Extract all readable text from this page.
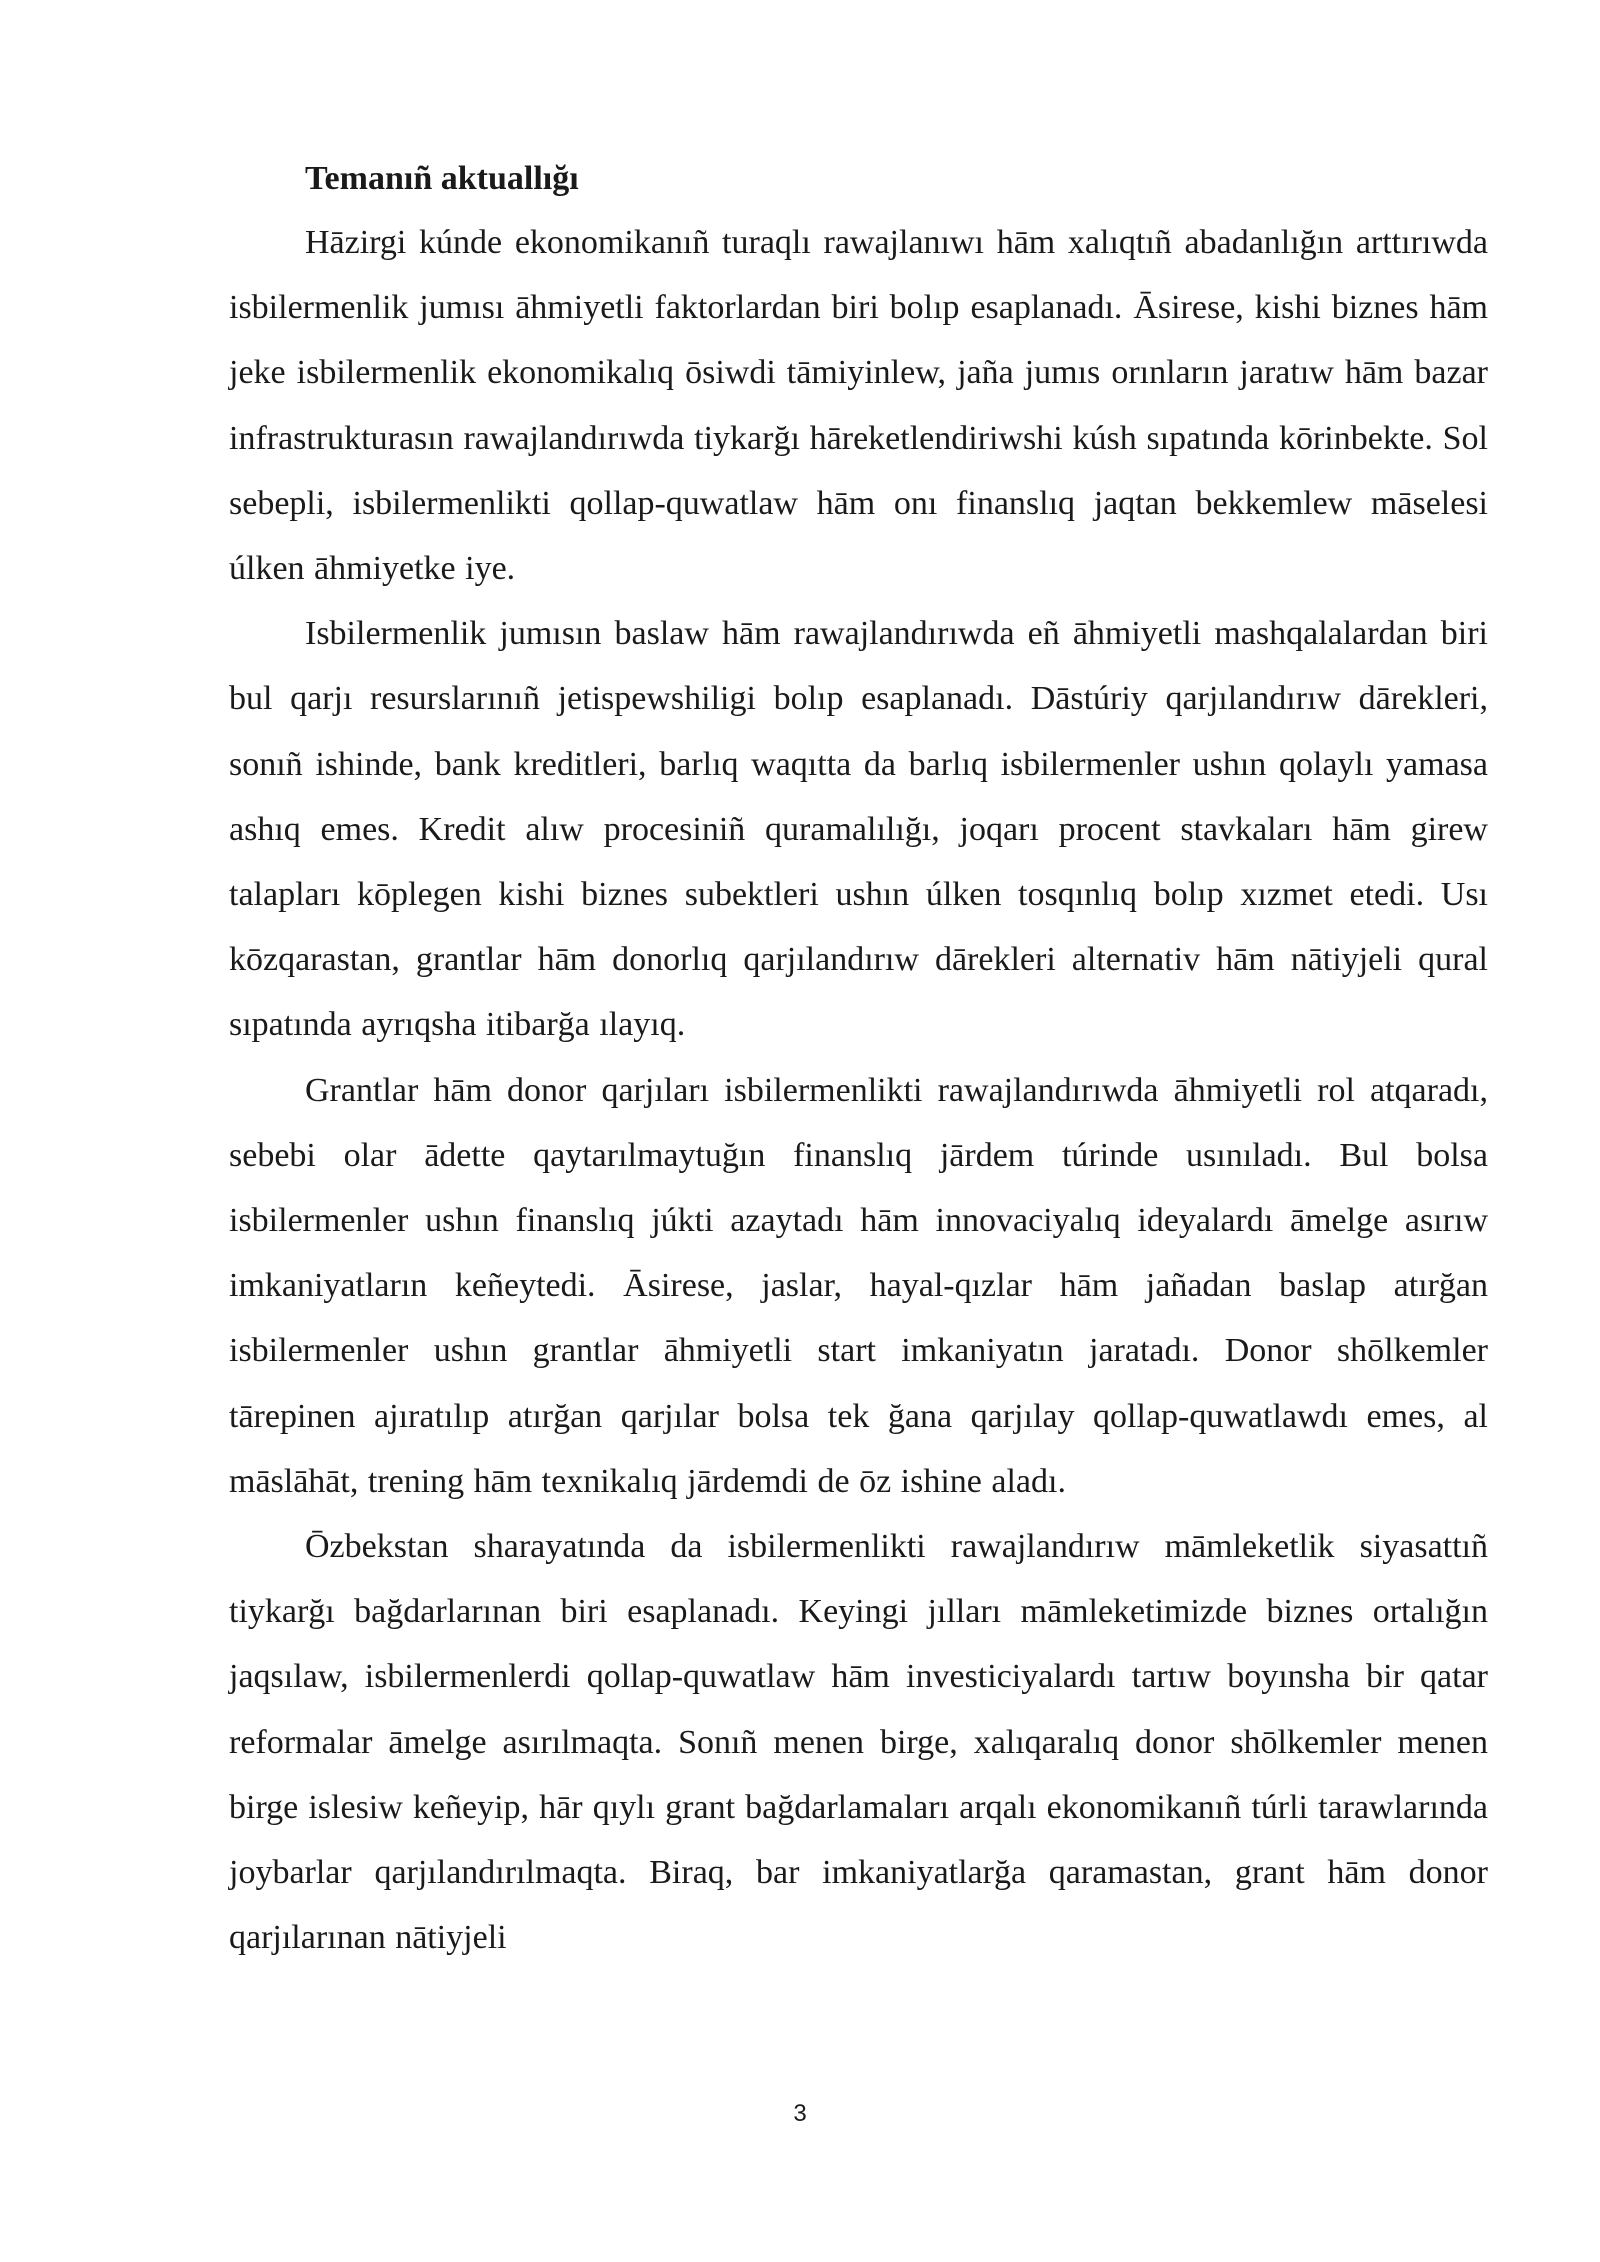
Temanıñ aktuallığı

Hāzirgi kúnde ekonomikanıñ turaqlı rawajlanıwı hām xalıqtıñ abadanlığın arttırıwda isbilermenlik jumısı āhmiyetli faktorlardan biri bolıp esaplanadı. Āsirese, kishi biznes hām jeke isbilermenlik ekonomikalıq ōsiwdi tāmiyinlew, jaña jumıs orınların jaratıw hām bazar infrastrukturasın rawajlandırıwda tiykarğı hāreketlendiriwshi kúsh sıpatında kōrinbekte. Sol sebepli, isbilermenlikti qollap-quwatlaw hām onı finanslıq jaqtan bekkemlew māselesi úlken āhmiyetke iye.

Isbilermenlik jumısın baslaw hām rawajlandırıwda eñ āhmiyetli mashqalalardan biri bul qarjı resurslarınıñ jetispewshiligi bolıp esaplanadı. Dāstúriy qarjılandırıw dārekleri, sonıñ ishinde, bank kreditleri, barlıq waqıtta da barlıq isbilermenler ushın qolaylı yamasa ashıq emes. Kredit alıw procesiniñ quramalılığı, joqarı procent stavkaları hām girew talapları kōplegen kishi biznes subektleri ushın úlken tosqınlıq bolıp xızmet etedi. Usı kōzqarastan, grantlar hām donorlıq qarjılandırıw dārekleri alternativ hām nātiyjeli qural sıpatında ayrıqsha itibarğa ılayıq.

Grantlar hām donor qarjıları isbilermenlikti rawajlandırıwda āhmiyetli rol atqaradı, sebebi olar ādette qaytarılmaytuğın finanslıq jārdem túrinde usınıladı. Bul bolsa isbilermenler ushın finanslıq júkti azaytadı hām innovaciyalıq ideyalardı āmelge asırıw imkaniyatların keñeytedi. Āsirese, jaslar, hayal-qızlar hām jañadan baslap atırğan isbilermenler ushın grantlar āhmiyetli start imkaniyatın jaratadı. Donor shōlkemler tārepinen ajıratılıp atırğan qarjılar bolsa tek ğana qarjılay qollap-quwatlawdı emes, al māslāhāt, trening hām texnikalıq jārdemdi de ōz ishine aladı.

Ōzbekstan sharayatında da isbilermenlikti rawajlandırıw māmleketlik siyasattıñ tiykarğı bağdarlarınan biri esaplanadı. Keyingi jılları māmleketimizde biznes ortalığın jaqsılaw, isbilermenlerdi qollap-quwatlaw hām investiciyalardı tartıw boyınsha bir qatar reformalar āmelge asırılmaqta. Sonıñ menen birge, xalıqaralıq donor shōlkemler menen birge islesiw keñeyip, hār qıylı grant bağdarlamaları arqalı ekonomikanıñ túrli tarawlarında joybarlar qarjılandırılmaqta. Biraq, bar imkaniyatlarğa qaramastan, grant hām donor qarjılarınan nātiyjeli

3
